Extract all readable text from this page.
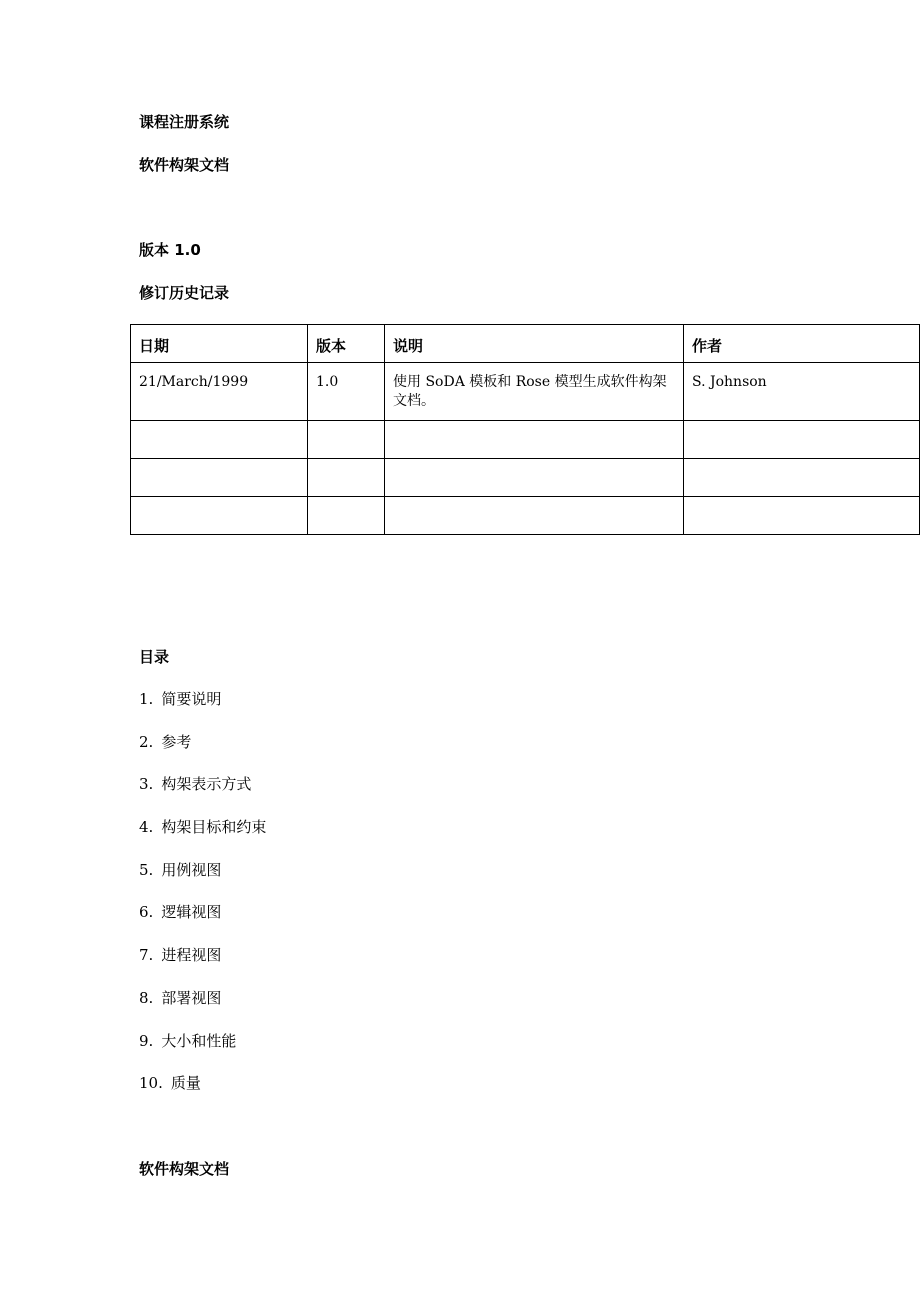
课程注册系统
软件构架文档
版本 1.0
修订历史记录
日期	版本	说明	作者
21/March/1999	1.0	使用 SoDA 模板和 Rose 模型生成软件构架文档。	S. Johnson

目录
1. 简要说明
2. 参考
3. 构架表示方式
4. 构架目标和约束
5. 用例视图
6. 逻辑视图
7. 进程视图
8. 部署视图
9. 大小和性能
10. 质量
软件构架文档
